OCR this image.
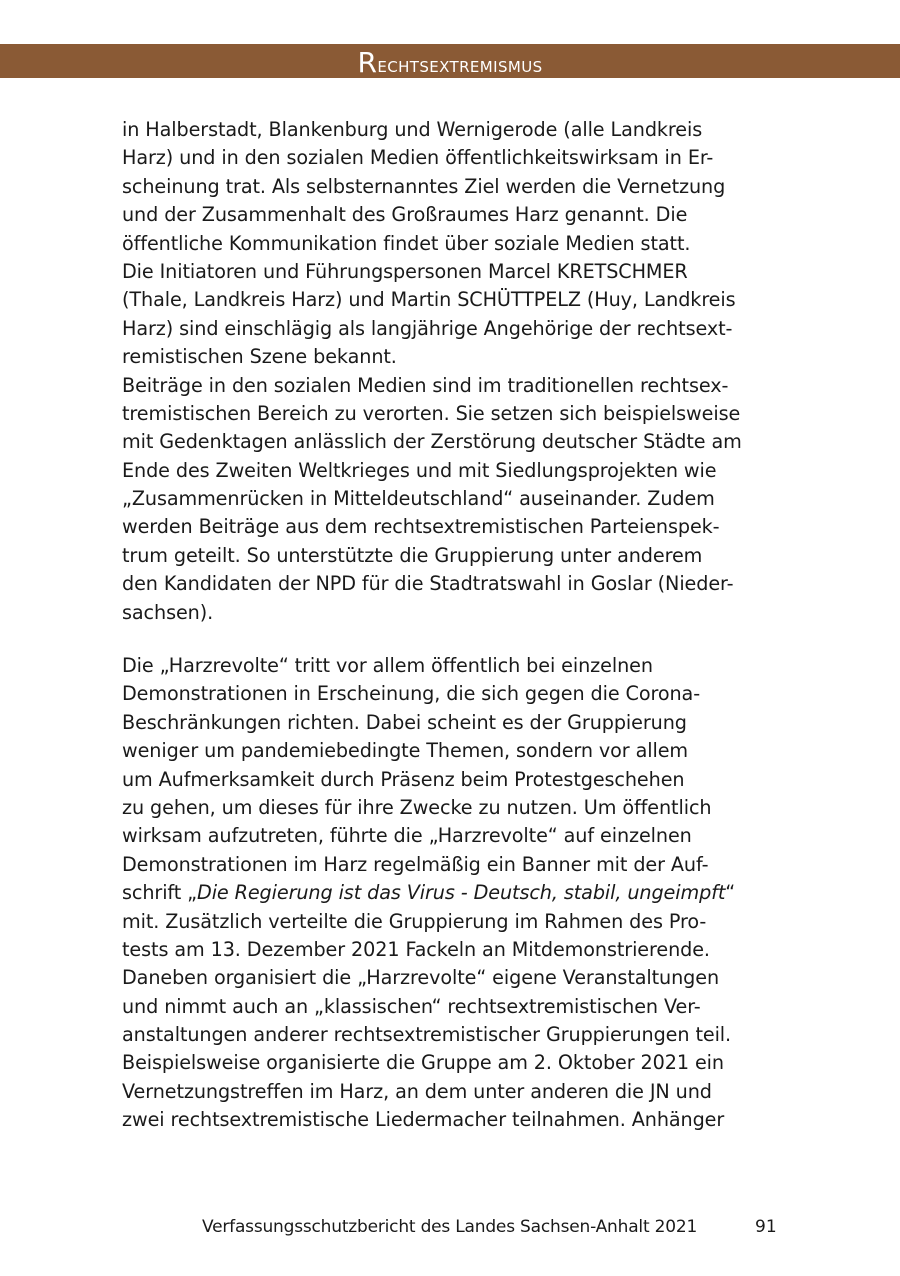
Rechtsextremismus
in Halberstadt, Blankenburg und Wernigerode (alle Landkreis
Harz) und in den sozialen Medien öffentlichkeitswirksam in Er-
scheinung trat. Als selbsternanntes Ziel werden die Vernetzung
und der Zusammenhalt des Großraumes Harz genannt. Die
öffentliche Kommunikation findet über soziale Medien statt.
Die Initiatoren und Führungspersonen Marcel KRETSCHMER
(Thale, Landkreis Harz) und Martin SCHÜTTPELZ (Huy, Landkreis
Harz) sind einschlägig als langjährige Angehörige der rechtsext-
remistischen Szene bekannt.
Beiträge in den sozialen Medien sind im traditionellen rechtsex-
tremistischen Bereich zu verorten. Sie setzen sich beispielsweise
mit Gedenktagen anlässlich der Zerstörung deutscher Städte am
Ende des Zweiten Weltkrieges und mit Siedlungsprojekten wie
„Zusammenrücken in Mitteldeutschland“ auseinander. Zudem
werden Beiträge aus dem rechtsextremistischen Parteienspek-
trum geteilt. So unterstützte die Gruppierung unter anderem
den Kandidaten der NPD für die Stadtratswahl in Goslar (Nieder-
sachsen).
Die „Harzrevolte“ tritt vor allem öffentlich bei einzelnen
Demonstrationen in Erscheinung, die sich gegen die Corona-
Beschränkungen richten. Dabei scheint es der Gruppierung
weniger um pandemiebedingte Themen, sondern vor allem
um Aufmerksamkeit durch Präsenz beim Protestgeschehen
zu gehen, um dieses für ihre Zwecke zu nutzen. Um öffentlich
wirksam aufzutreten, führte die „Harzrevolte“ auf einzelnen
Demonstrationen im Harz regelmäßig ein Banner mit der Auf-
schrift „Die Regierung ist das Virus - Deutsch, stabil, ungeimpft“
mit. Zusätzlich verteilte die Gruppierung im Rahmen des Pro-
tests am 13. Dezember 2021 Fackeln an Mitdemonstrierende.
Daneben organisiert die „Harzrevolte“ eigene Veranstaltungen
und nimmt auch an „klassischen“ rechtsextremistischen Ver-
anstaltungen anderer rechtsextremistischer Gruppierungen teil.
Beispielsweise organisierte die Gruppe am 2. Oktober 2021 ein
Vernetzungstreffen im Harz, an dem unter anderen die JN und
zwei rechtsextremistische Liedermacher teilnahmen. Anhänger
Verfassungsschutzbericht des Landes Sachsen-Anhalt 2021	91
